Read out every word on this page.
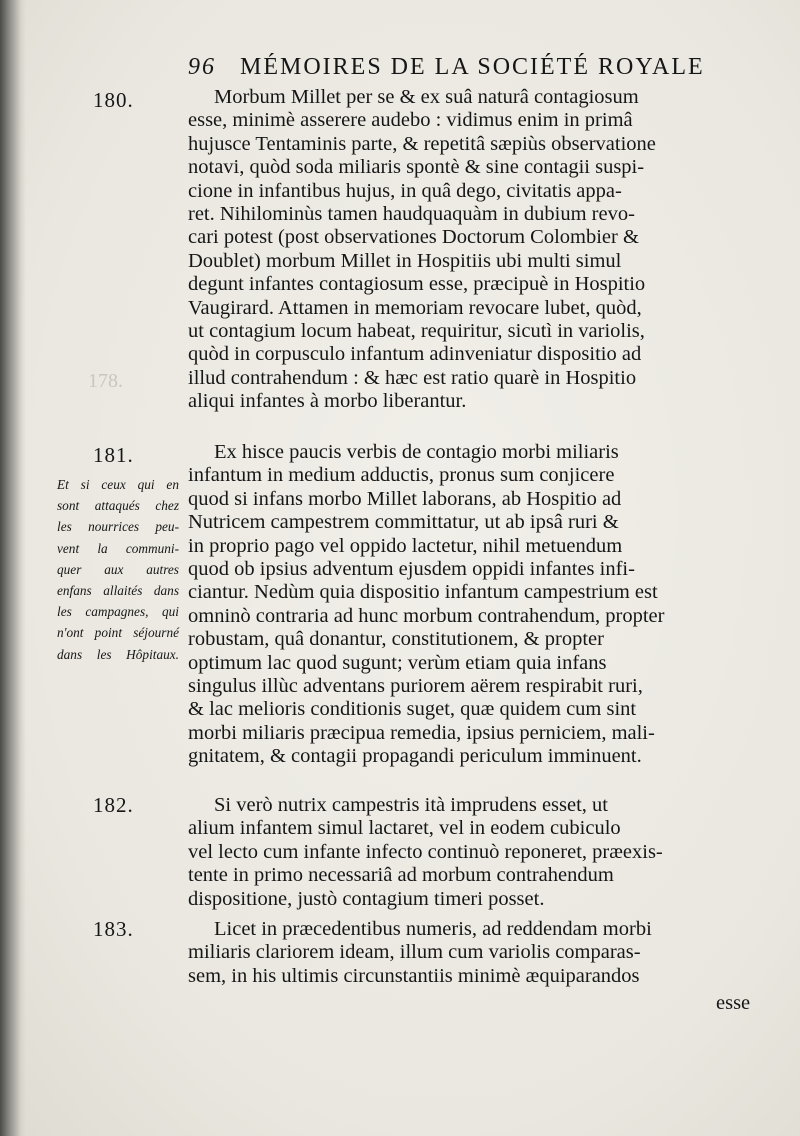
178.
96 MÉMOIRES DE LA SOCIÉTÉ ROYALE
180.
181.
182.
183.
Et si ceux qui en
sont attaqués chez
les nourrices peu-
vent la communi-
quer aux autres
enfans allaités dans
les campagnes, qui
n'ont point séjourné
dans les Hôpitaux.
Morbum Millet per se & ex suâ naturâ contagiosum
esse, minimè asserere audebo : vidimus enim in primâ
hujusce Tentaminis parte, & repetitâ sæpiùs observatione
notavi, quòd soda miliaris spontè & sine contagii suspi-
cione in infantibus hujus, in quâ dego, civitatis appa-
ret. Nihilominùs tamen haudquaquàm in dubium revo-
cari potest (post observationes Doctorum Colombier &
Doublet) morbum Millet in Hospitiis ubi multi simul
degunt infantes contagiosum esse, præcipuè in Hospitio
Vaugirard. Attamen in memoriam revocare lubet, quòd,
ut contagium locum habeat, requiritur, sicutì in variolis,
quòd in corpusculo infantum adinveniatur dispositio ad
illud contrahendum : & hæc est ratio quarè in Hospitio
aliqui infantes à morbo liberantur.
Ex hisce paucis verbis de contagio morbi miliaris
infantum in medium adductis, pronus sum conjicere
quod si infans morbo Millet laborans, ab Hospitio ad
Nutricem campestrem committatur, ut ab ipsâ ruri &
in proprio pago vel oppido lactetur, nihil metuendum
quod ob ipsius adventum ejusdem oppidi infantes infi-
ciantur. Nedùm quia dispositio infantum campestrium est
omninò contraria ad hunc morbum contrahendum, propter
robustam, quâ donantur, constitutionem, & propter
optimum lac quod sugunt; verùm etiam quia infans
singulus illùc adventans puriorem aërem respirabit ruri,
& lac melioris conditionis suget, quæ quidem cum sint
morbi miliaris præcipua remedia, ipsius perniciem, mali-
gnitatem, & contagii propagandi periculum imminuent.
Si verò nutrix campestris ità imprudens esset, ut
alium infantem simul lactaret, vel in eodem cubiculo
vel lecto cum infante infecto continuò reponeret, præexis-
tente in primo necessariâ ad morbum contrahendum
dispositione, justò contagium timeri posset.
Licet in præcedentibus numeris, ad reddendam morbi
miliaris clariorem ideam, illum cum variolis comparas-
sem, in his ultimis circunstantiis minimè æquiparandos
esse
